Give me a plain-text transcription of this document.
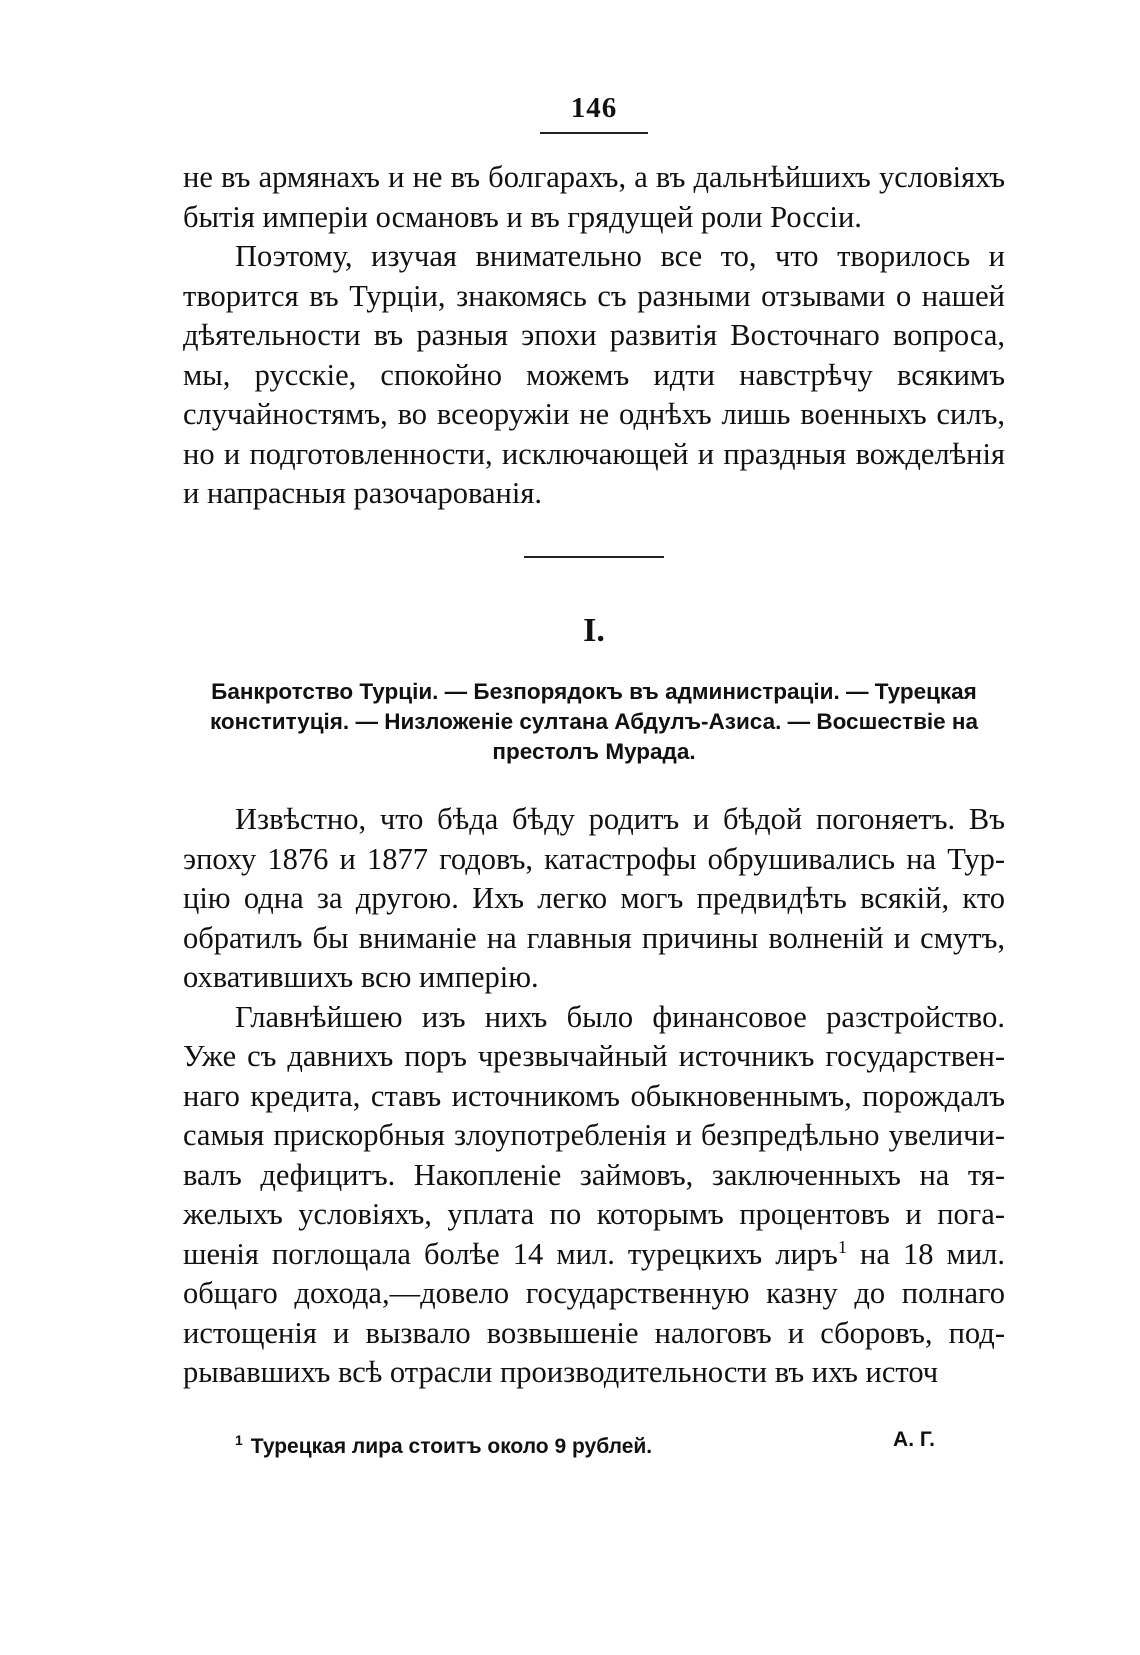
146

не въ армянахъ и не въ болгарахъ, а въ дальнѣйшихъ условіяхъ бытія имперіи османовъ и въ грядущей роли Россіи.

Поэтому, изучая внимательно все то, что творилось и творится въ Турціи, знакомясь съ разными отзывами о нашей дѣятельности въ разныя эпохи развитія Восточнаго вопроса, мы, русскіе, спокойно можемъ идти навстрѣчу всякимъ случайностямъ, во всеоружіи не однѣхъ лишь военныхъ силъ, но и подготовленности, исключающей и праздныя вожделѣнія и напрасныя разочарованія.

I.

Банкротство Турціи. — Безпорядокъ въ администраціи. — Турецкая конституція. — Низложеніе султана Абдулъ-Азиса. — Восшествіе на престолъ Мурада.

Извѣстно, что бѣда бѣду родитъ и бѣдой погоняетъ. Въ эпоху 1876 и 1877 годовъ, катастрофы обрушивались на Турцію одна за другою. Ихъ легко могъ предвидѣть всякій, кто обратилъ бы вниманіе на главныя причины волненій и смутъ, охватившихъ всю имперію.

Главнѣйшею изъ нихъ было финансовое разстройство. Уже съ давнихъ поръ чрезвычайный источникъ государственнаго кредита, ставъ источникомъ обыкновеннымъ, порождалъ самыя прискорбныя злоупотребленія и безпредѣльно увеличивалъ дефицитъ. Накопленіе займовъ, заключенныхъ на тяжелыхъ условіяхъ, уплата по которымъ процентовъ и погашенія поглощала болѣе 14 мил. турецкихъ лиръ$^1$ на 18 мил. общаго дохода,—довело государственную казну до полнаго истощенія и вызвало возвышеніе налоговъ и сборовъ, подрывавшихъ всѣ отрасли производительности въ ихъ источ

$^1$ Турецкая лира стоитъ около 9 рублей.	А. Г.
